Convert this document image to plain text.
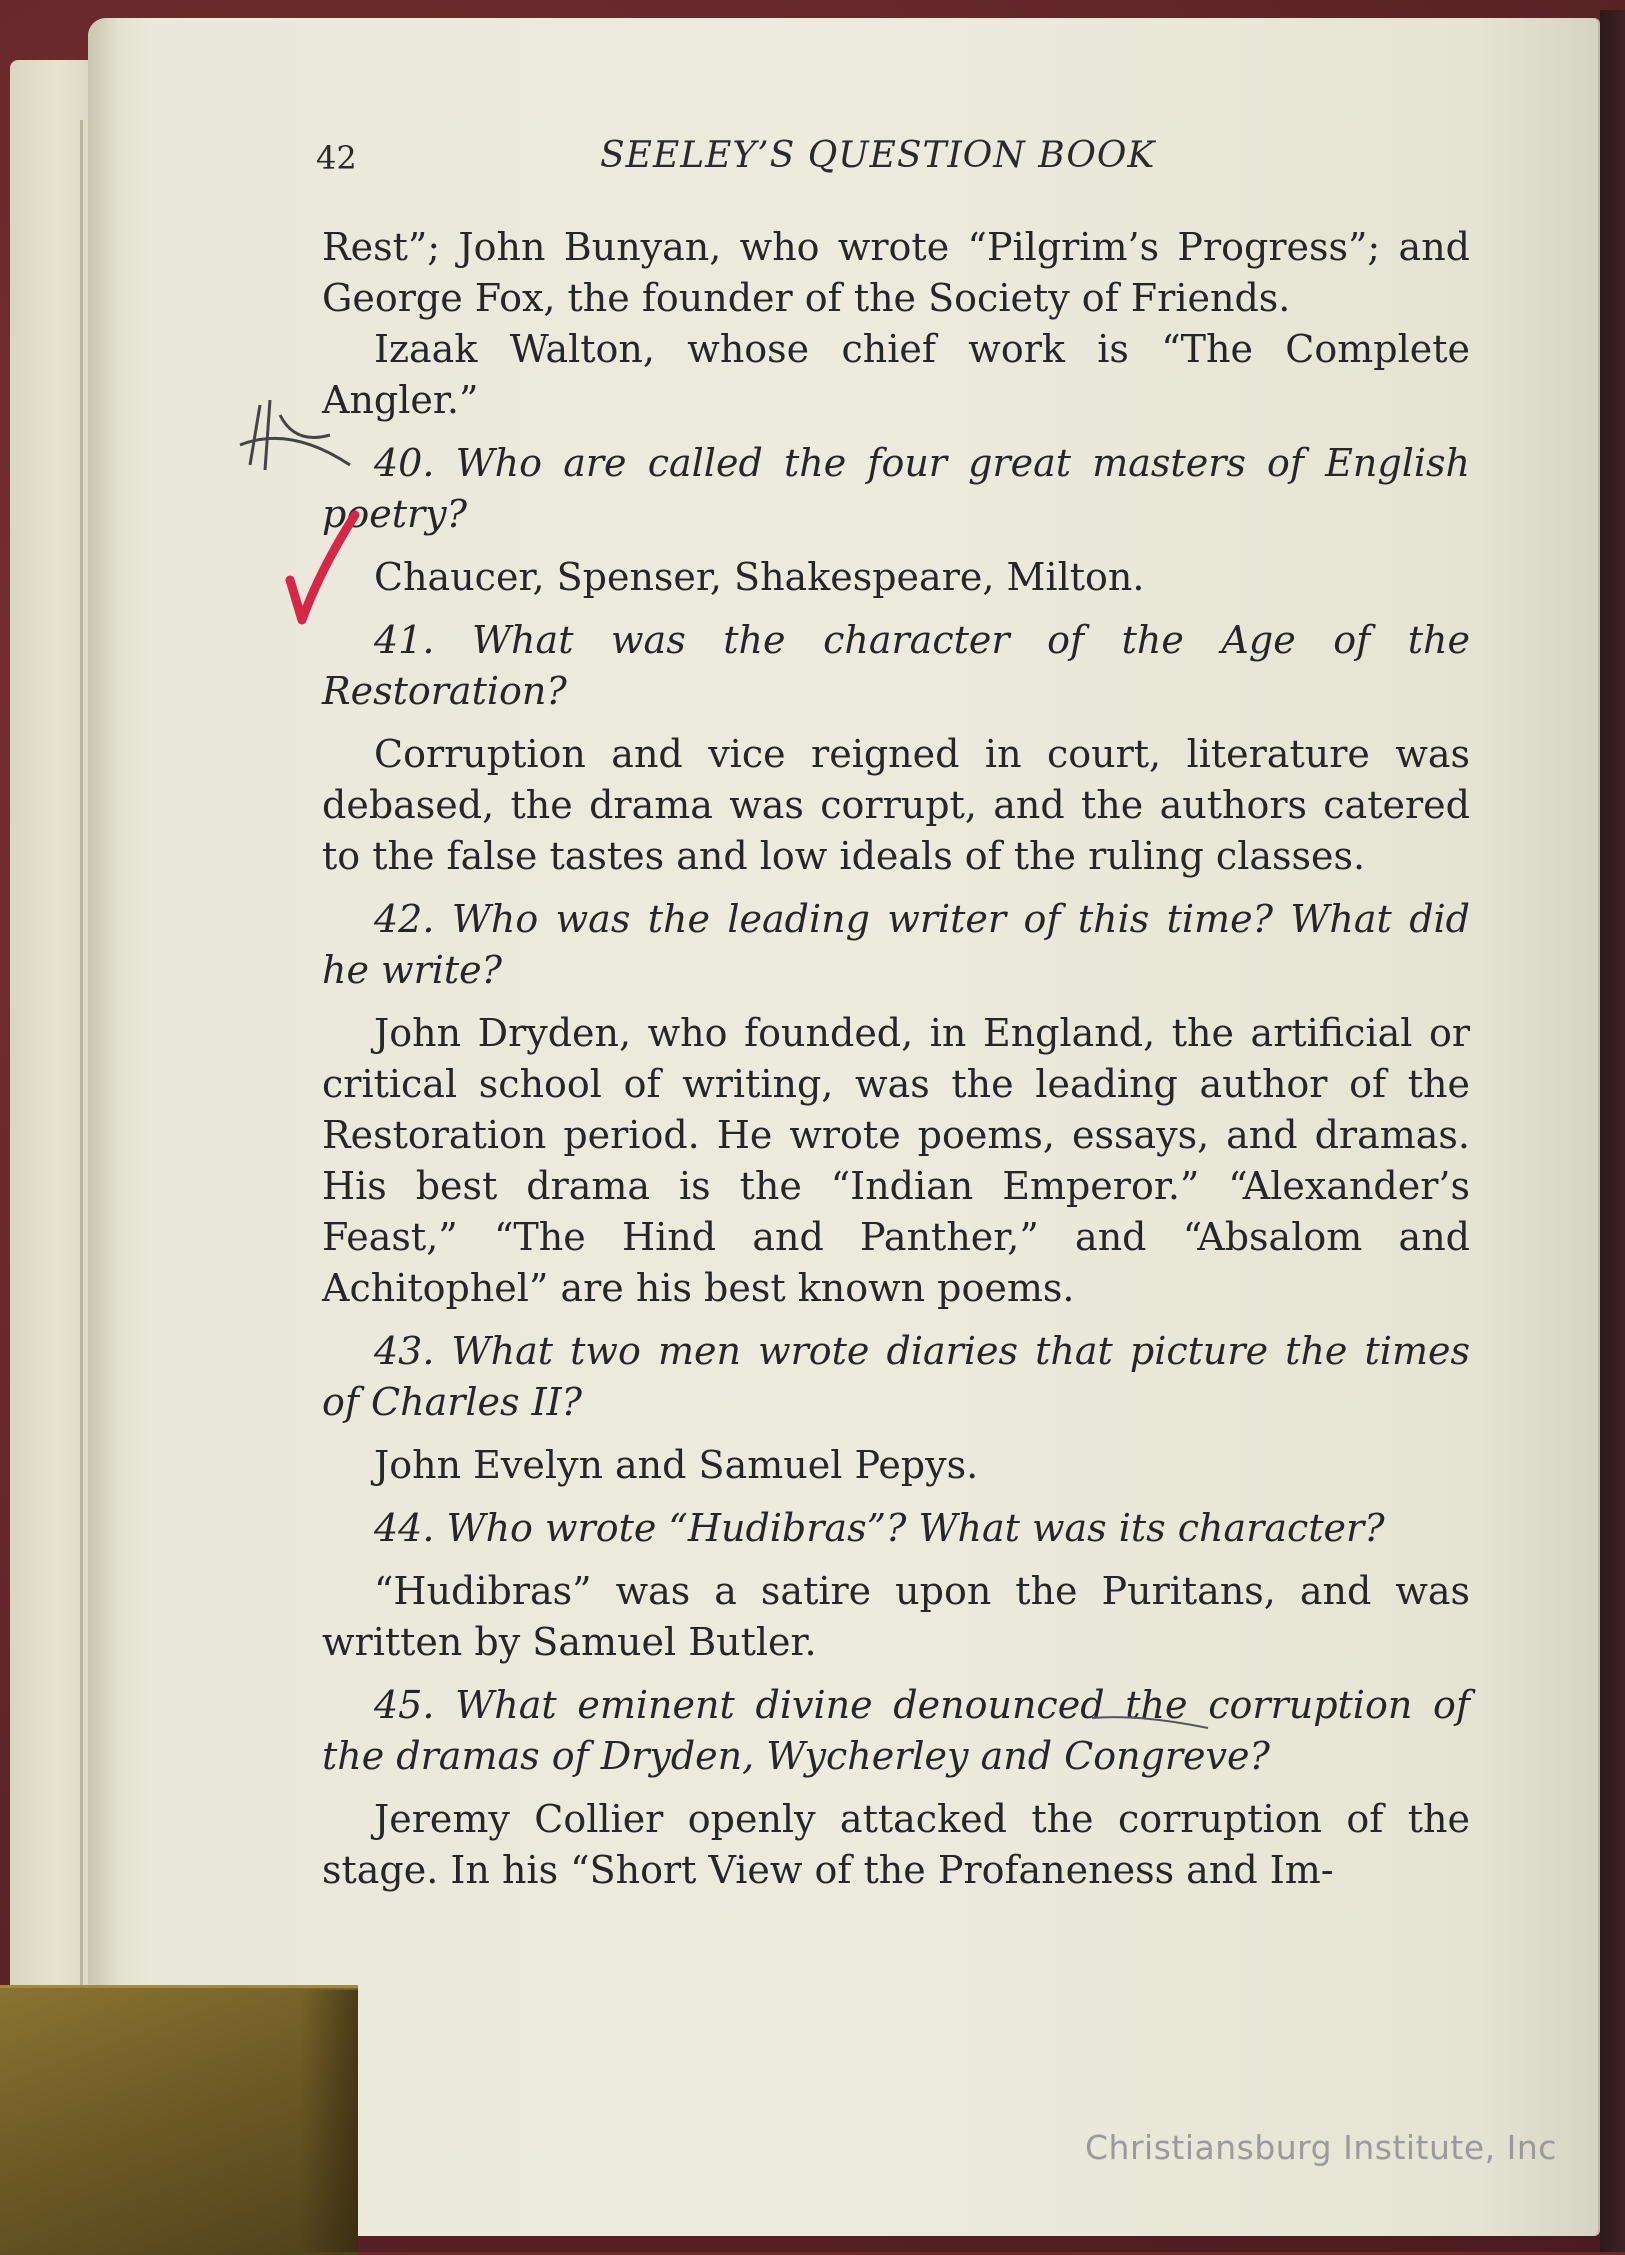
42	SEELEY’S QUESTION BOOK

Rest”; John Bunyan, who wrote “Pilgrim’s Progress”; and George Fox, the founder of the Society of Friends.

Izaak Walton, whose chief work is “The Complete Angler.”

40. Who are called the four great masters of English poetry?

Chaucer, Spenser, Shakespeare, Milton.

41. What was the character of the Age of the Restoration?

Corruption and vice reigned in court, literature was debased, the drama was corrupt, and the authors catered to the false tastes and low ideals of the ruling classes.

42. Who was the leading writer of this time? What did he write?

John Dryden, who founded, in England, the artificial or critical school of writing, was the leading author of the Restoration period. He wrote poems, essays, and dramas. His best drama is the “Indian Emperor.” “Alexander’s Feast,” “The Hind and Panther,” and “Absalom and Achitophel” are his best known poems.

43. What two men wrote diaries that picture the times of Charles II?

John Evelyn and Samuel Pepys.

44. Who wrote “Hudibras”? What was its character?

“Hudibras” was a satire upon the Puritans, and was written by Samuel Butler.

45. What eminent divine denounced the corruption of the dramas of Dryden, Wycherley and Congreve?

Jeremy Collier openly attacked the corruption of the stage. In his “Short View of the Profaneness and Im-

Christiansburg Institute, Inc
